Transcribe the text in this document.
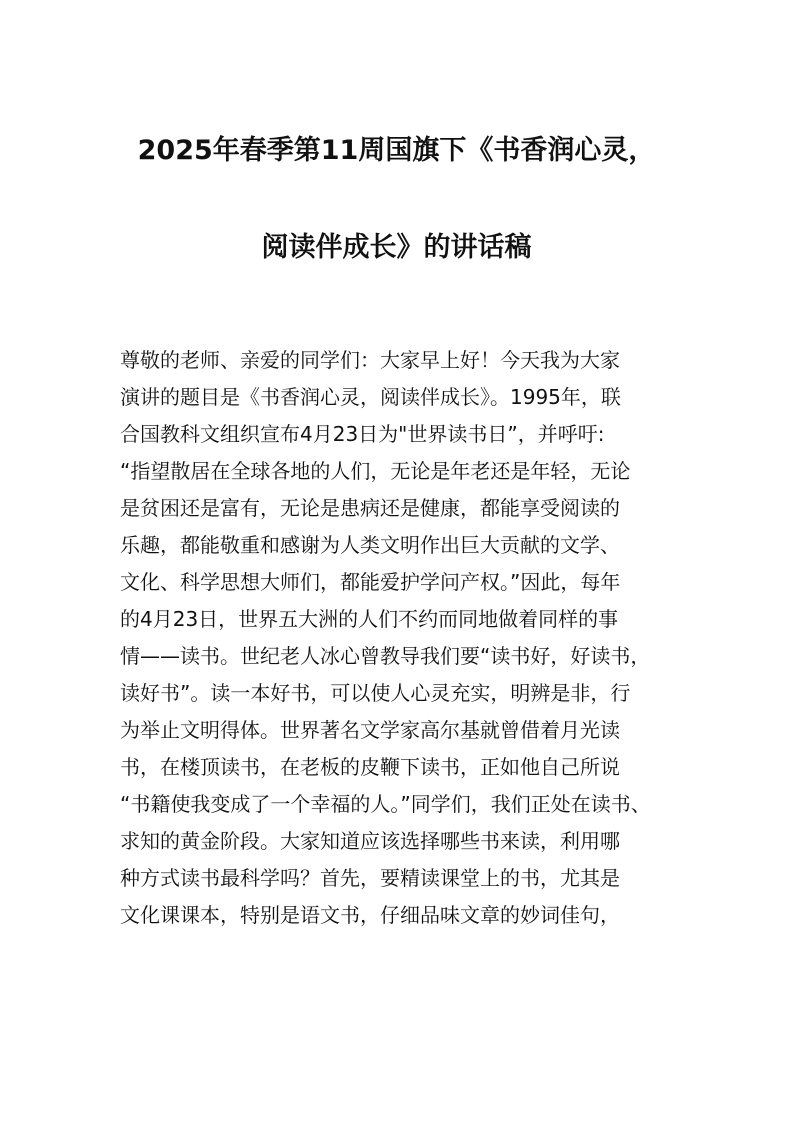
2025年春季第11周国旗下《书香润心灵，
阅读伴成长》的讲话稿
尊敬的老师、亲爱的同学们：大家早上好！今天我为大家
演讲的题目是《书香润心灵，阅读伴成长》。1995年，联
合国教科文组织宣布4月23日为"世界读书日”，并呼吁:
“指望散居在全球各地的人们，无论是年老还是年轻，无论
是贫困还是富有，无论是患病还是健康，都能享受阅读的
乐趣，都能敬重和感谢为人类文明作出巨大贡献的文学、
文化、科学思想大师们，都能爱护学问产权。”因此，每年
的4月23日，世界五大洲的人们不约而同地做着同样的事
情——读书。世纪老人冰心曾教导我们要“读书好，好读书，
读好书”。读一本好书，可以使人心灵充实，明辨是非，行
为举止文明得体。世界著名文学家高尔基就曾借着月光读
书，在楼顶读书，在老板的皮鞭下读书，正如他自己所说
“书籍使我变成了一个幸福的人。”同学们，我们正处在读书、
求知的黄金阶段。大家知道应该选择哪些书来读，利用哪
种方式读书最科学吗？首先，要精读课堂上的书，尤其是
文化课课本，特别是语文书，仔细品味文章的妙词佳句，
